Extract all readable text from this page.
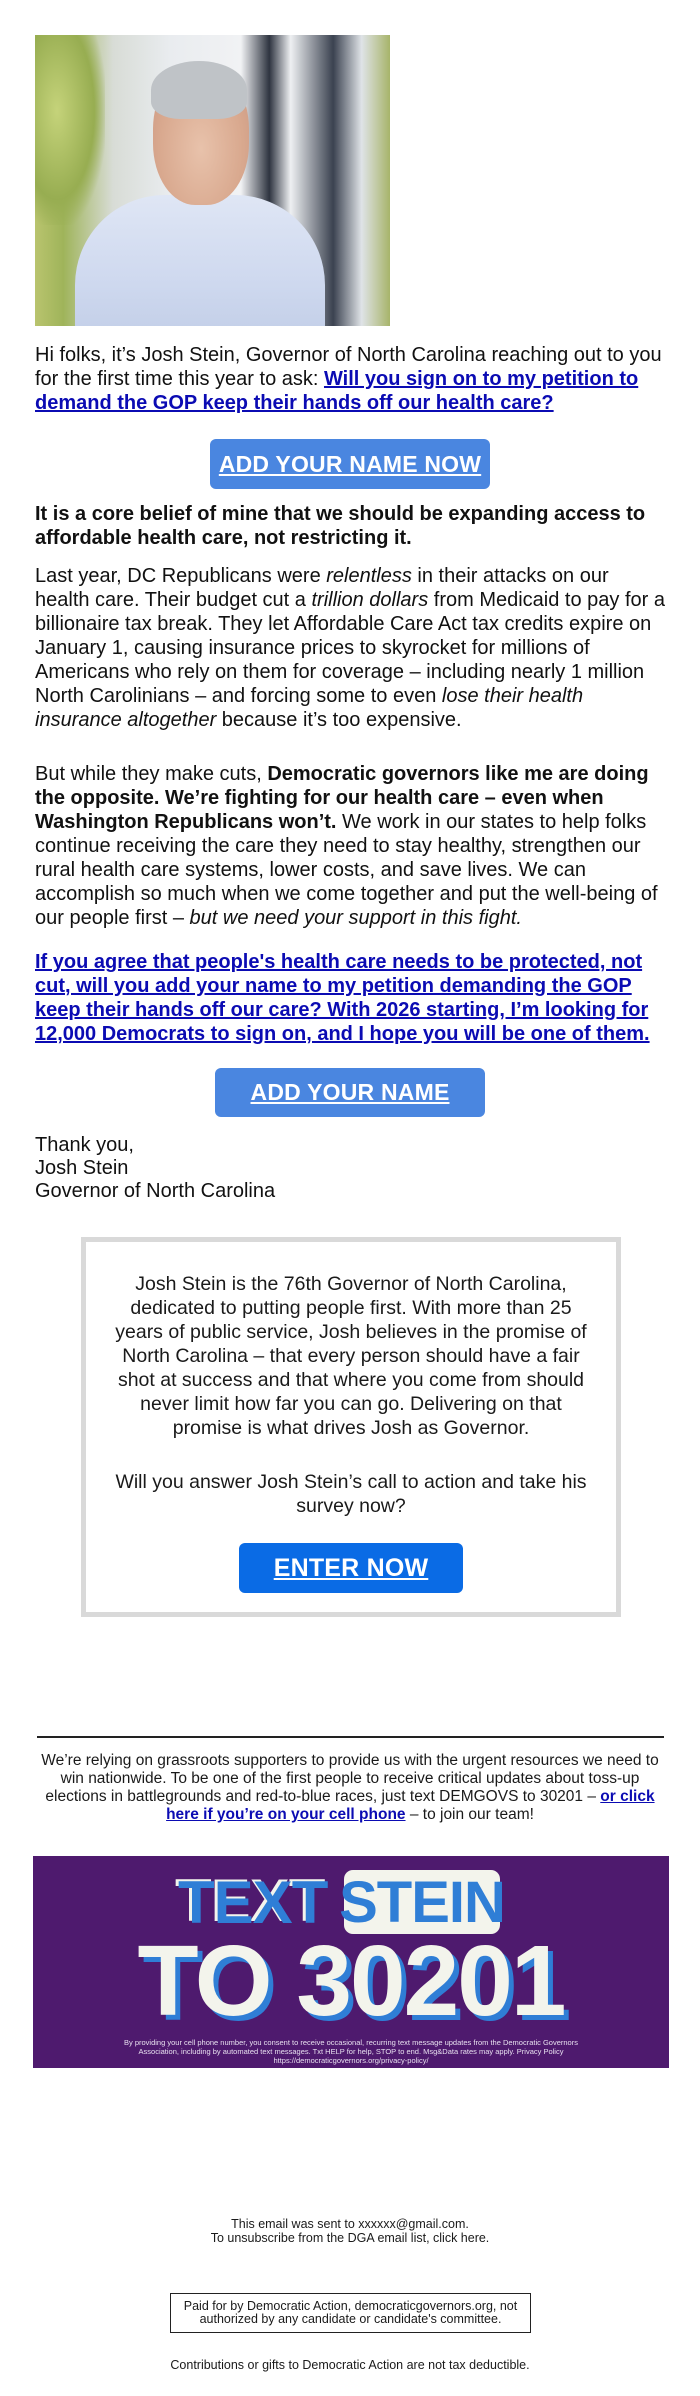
Hi folks, it’s Josh Stein, Governor of North Carolina reaching out to you for the first time this year to ask: Will you sign on to my petition to demand the GOP keep their hands off our health care?
ADD YOUR NAME NOW
It is a core belief of mine that we should be expanding access to affordable health care, not restricting it.
Last year, DC Republicans were relentless in their attacks on our health care. Their budget cut a trillion dollars from Medicaid to pay for a billionaire tax break. They let Affordable Care Act tax credits expire on January 1, causing insurance prices to skyrocket for millions of Americans who rely on them for coverage – including nearly 1 million North Carolinians – and forcing some to even lose their health insurance altogether because it’s too expensive.
But while they make cuts, Democratic governors like me are doing the opposite. We’re fighting for our health care – even when Washington Republicans won’t. We work in our states to help folks continue receiving the care they need to stay healthy, strengthen our rural health care systems, lower costs, and save lives. We can accomplish so much when we come together and put the well-being of our people first – but we need your support in this fight.
If you agree that people's health care needs to be protected, not cut, will you add your name to my petition demanding the GOP keep their hands off our care? With 2026 starting, I’m looking for 12,000 Democrats to sign on, and I hope you will be one of them.
ADD YOUR NAME
Thank you,
Josh Stein
Governor of North Carolina

Josh Stein is the 76th Governor of North Carolina, dedicated to putting people first. With more than 25 years of public service, Josh believes in the promise of North Carolina – that every person should have a fair shot at success and that where you come from should never limit how far you can go. Delivering on that promise is what drives Josh as Governor.

Will you answer Josh Stein’s call to action and take his survey now?

ENTER NOW
We’re relying on grassroots supporters to provide us with the urgent resources we need to win nationwide. To be one of the first people to receive critical updates about toss-up elections in battlegrounds and red-to-blue races, just text DEMGOVS to 30201 – or click here if you’re on your cell phone – to join our team!
TEXT STEIN
TO 30201
By providing your cell phone number, you consent to receive occasional, recurring text message updates from the Democratic Governors Association, including by automated text messages. Txt HELP for help, STOP to end. Msg&Data rates may apply. Privacy Policy https://democraticgovernors.org/privacy-policy/
This email was sent to xxxxxx@gmail.com.
To unsubscribe from the DGA email list, click here.
Paid for by Democratic Action, democraticgovernors.org, not authorized by any candidate or candidate's committee.
Contributions or gifts to Democratic Action are not tax deductible.
